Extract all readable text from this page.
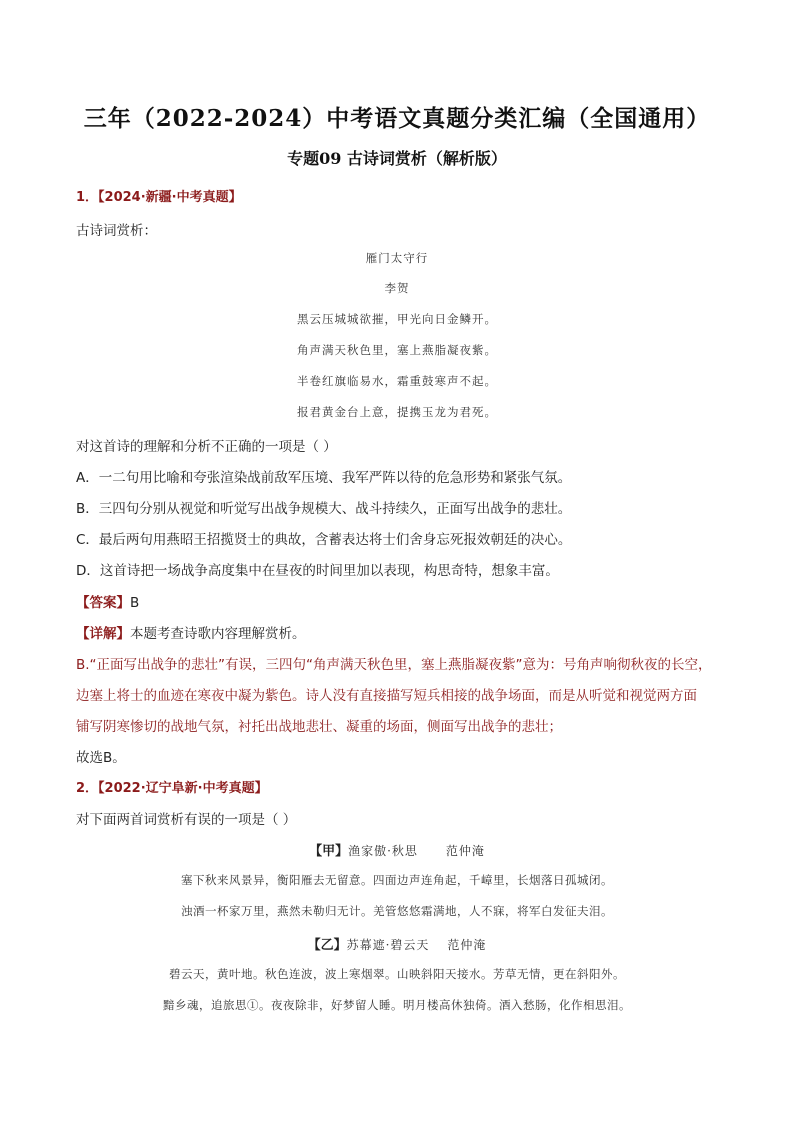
三年（2022-2024）中考语文真题分类汇编（全国通用）
专题09 古诗词赏析（解析版）
1．【2024·新疆·中考真题】
古诗词赏析：
雁门太守行
李贺
黑云压城城欲摧，甲光向日金鳞开。
角声满天秋色里，塞上燕脂凝夜紫。
半卷红旗临易水，霜重鼓寒声不起。
报君黄金台上意，提携玉龙为君死。
对这首诗的理解和分析不正确的一项是（ ）
A．一二句用比喻和夸张渲染战前敌军压境、我军严阵以待的危急形势和紧张气氛。
B．三四句分别从视觉和听觉写出战争规模大、战斗持续久，正面写出战争的悲壮。
C．最后两句用燕昭王招揽贤士的典故，含蓄表达将士们舍身忘死报效朝廷的决心。
D．这首诗把一场战争高度集中在昼夜的时间里加以表现，构思奇特，想象丰富。
【答案】B
【详解】本题考查诗歌内容理解赏析。
B.“正面写出战争的悲壮”有误，三四句“角声满天秋色里，塞上燕脂凝夜紫”意为：号角声响彻秋夜的长空，
边塞上将士的血迹在寒夜中凝为紫色。诗人没有直接描写短兵相接的战争场面，而是从听觉和视觉两方面
铺写阴寒惨切的战地气氛，衬托出战地悲壮、凝重的场面，侧面写出战争的悲壮；
故选B。
2．【2022·辽宁阜新·中考真题】
对下面两首词赏析有误的一项是（ ）
【甲】渔家傲·秋思 范仲淹
塞下秋来风景异，衡阳雁去无留意。四面边声连角起，千嶂里，长烟落日孤城闭。
浊酒一杯家万里，燕然未勒归无计。羌管悠悠霜满地，人不寐，将军白发征夫泪。
【乙】苏幕遮·碧云天 范仲淹
碧云天，黄叶地。秋色连波，波上寒烟翠。山映斜阳天接水。芳草无情，更在斜阳外。
黯乡魂，追旅思①。夜夜除非，好梦留人睡。明月楼高休独倚。酒入愁肠，化作相思泪。
